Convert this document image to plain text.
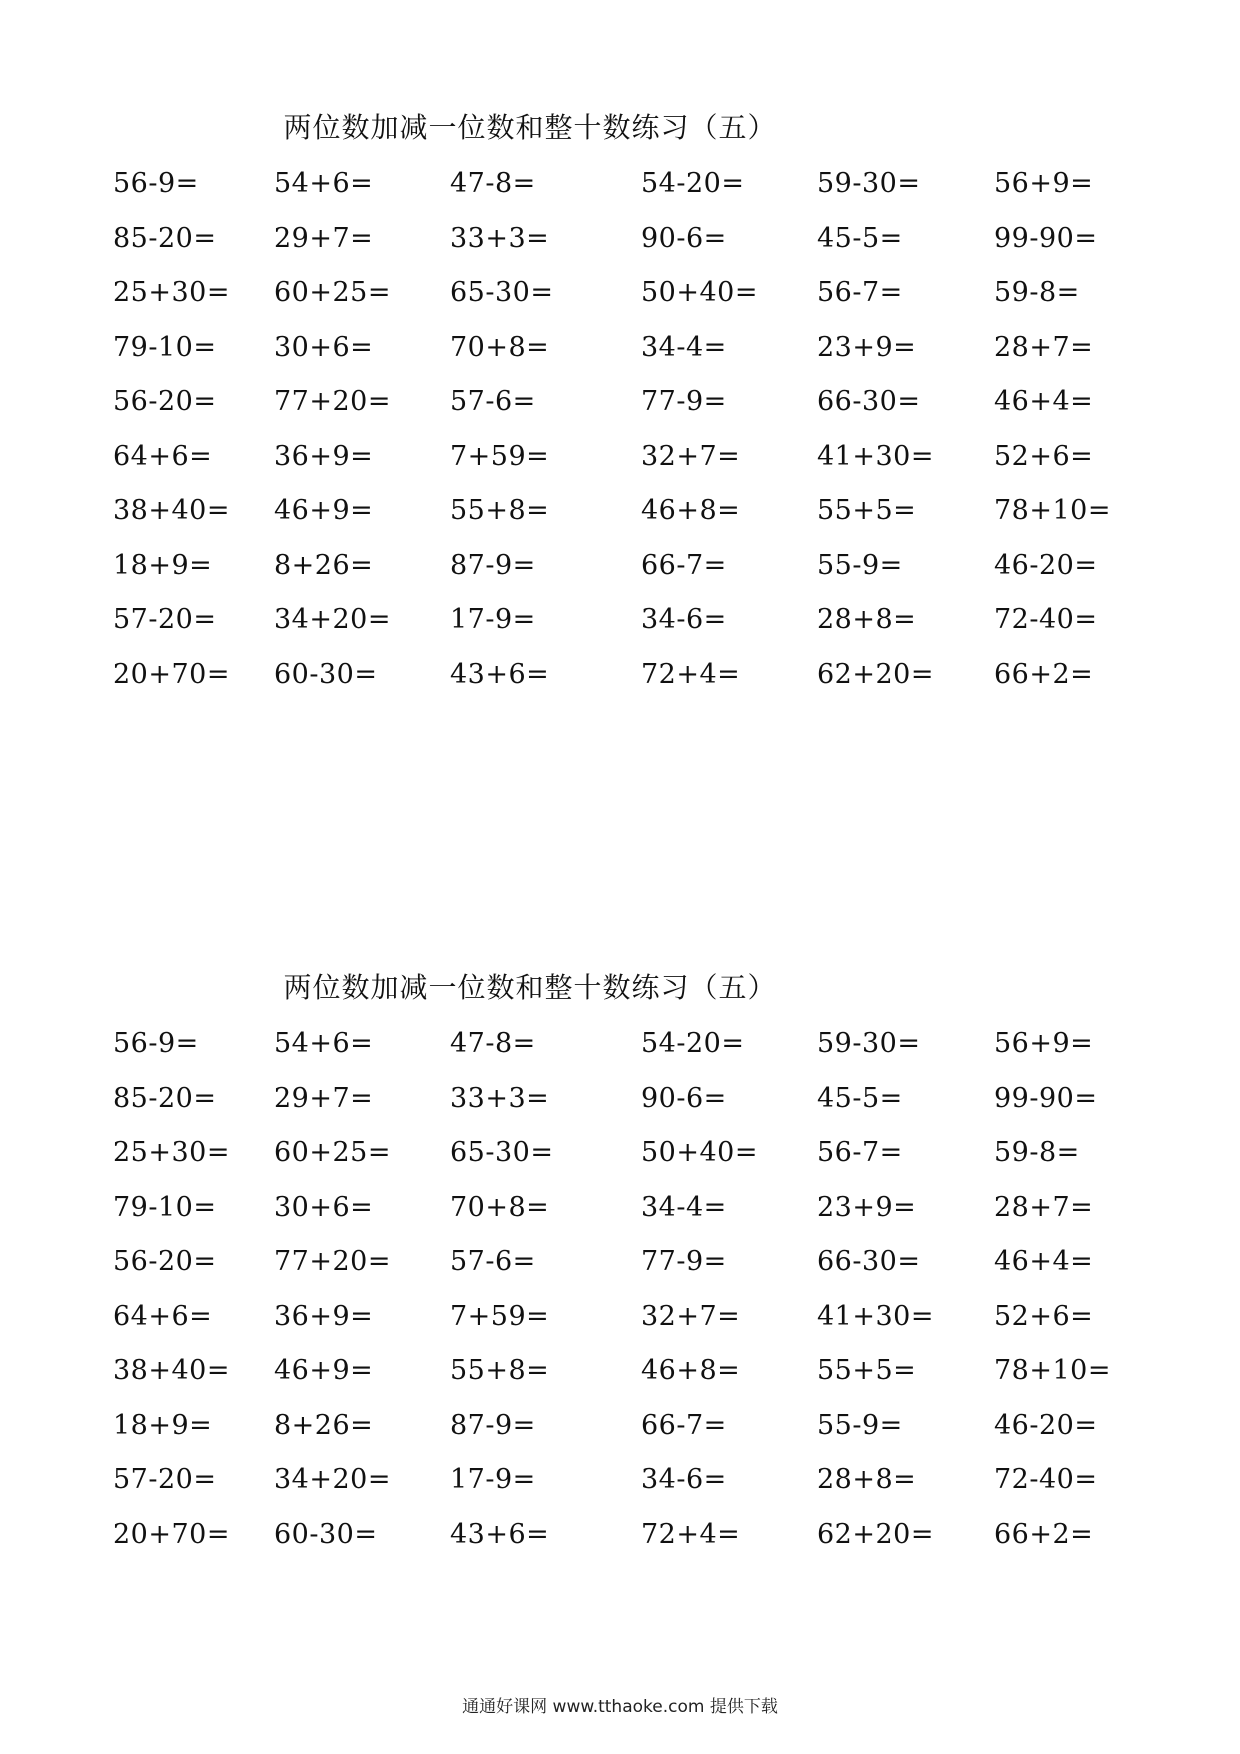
两位数加减一位数和整十数练习（五）
56-9=	54+6=	47-8=	54-20=	59-30=	56+9=
85-20= 29+7=	33+3=	90-6=	45-5=	99-90=
25+30= 60+25= 65-30=	50+40= 56-7=	59-8=
79-10= 30+6=	70+8=	34-4=	23+9=	28+7=
56-20= 77+20= 57-6=	77-9=	66-30=	46+4=
64+6= 36+9=	7+59=	32+7=	41+30= 52+6=
38+40= 46+9=	55+8=	46+8=	55+5=	78+10=
18+9= 8+26=	87-9=	66-7=	55-9=	46-20=
57-20= 34+20= 17-9=	34-6=	28+8=	72-40=
20+70= 60-30=	43+6=	72+4=	62+20= 66+2=
两位数加减一位数和整十数练习（五）
56-9=	54+6=	47-8=	54-20=	59-30=	56+9=
85-20= 29+7=	33+3=	90-6=	45-5=	99-90=
25+30= 60+25= 65-30=	50+40= 56-7=	59-8=
79-10= 30+6=	70+8=	34-4=	23+9=	28+7=
56-20= 77+20= 57-6=	77-9=	66-30=	46+4=
64+6= 36+9=	7+59=	32+7=	41+30= 52+6=
38+40= 46+9=	55+8=	46+8=	55+5=	78+10=
18+9= 8+26=	87-9=	66-7=	55-9=	46-20=
57-20= 34+20= 17-9=	34-6=	28+8=	72-40=
20+70= 60-30=	43+6=	72+4=	62+20= 66+2=
通通好课网 www.tthaoke.com 提供下载
